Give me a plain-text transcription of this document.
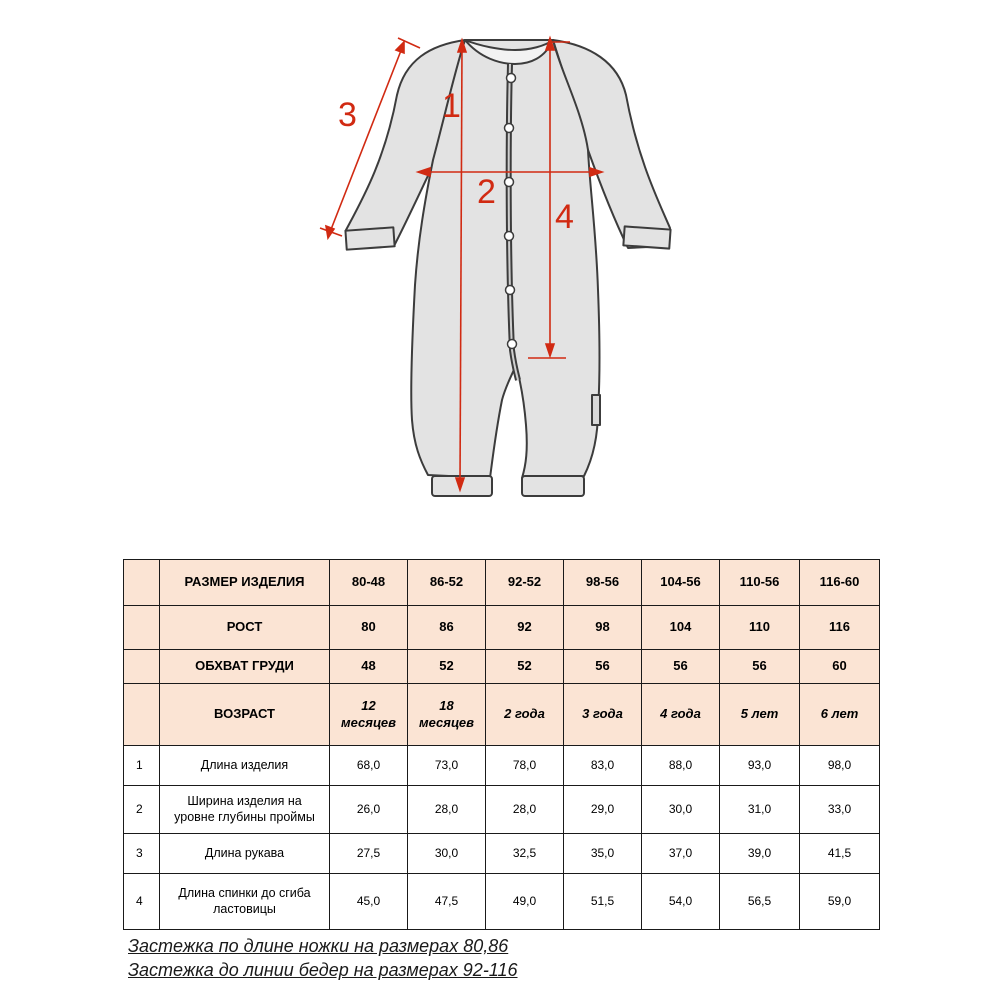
1
2
3
4
	РАЗМЕР ИЗДЕЛИЯ	80-48	86-52	92-52	98-56	104-56	110-56	116-60
	РОСТ	80	86	92	98	104	110	116
	ОБХВАТ ГРУДИ	48	52	52	56	56	56	60
	ВОЗРАСТ	12
месяцев	18
месяцев	2 года	3 года	4 года	5 лет	6 лет
1	Длина изделия	68,0	73,0	78,0	83,0	88,0	93,0	98,0
2	Ширина изделия на
уровне глубины проймы	26,0	28,0	28,0	29,0	30,0	31,0	33,0
3	Длина рукава	27,5	30,0	32,5	35,0	37,0	39,0	41,5
4	Длина спинки до сгиба
ластовицы	45,0	47,5	49,0	51,5	54,0	56,5	59,0
Застежка по длине ножки на размерах 80,86
Застежка до линии бедер на размерах 92-116
